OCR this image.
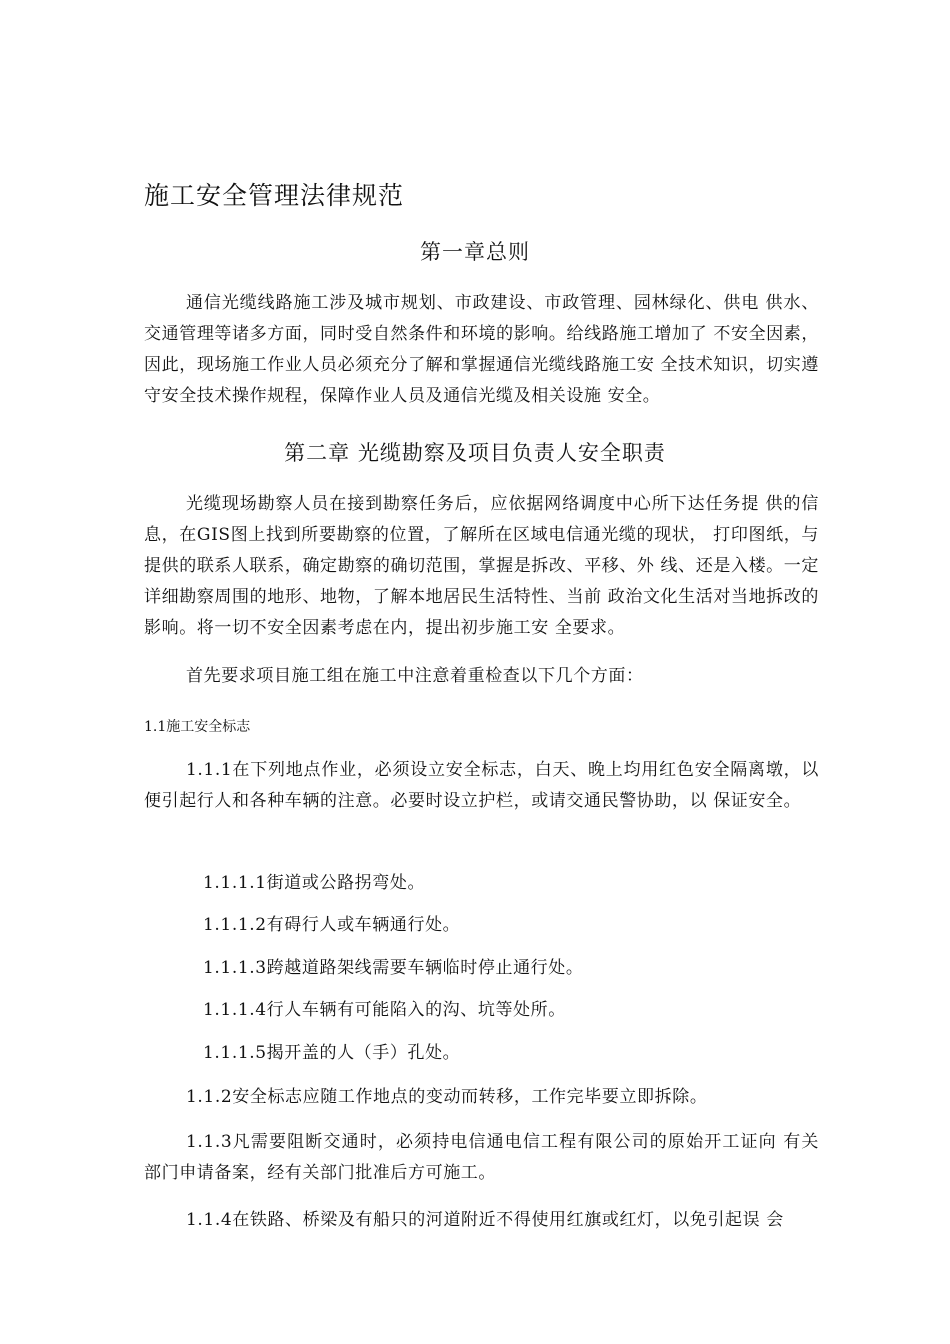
施工安全管理法律规范
第一章总则

通信光缆线路施工涉及城市规划、市政建设、市政管理、园林绿化、供电 供水、交通管理等诸多方面，同时受自然条件和环境的影响。给线路施工增加了 不安全因素，因此，现场施工作业人员必须充分了解和掌握通信光缆线路施工安 全技术知识，切实遵守安全技术操作规程，保障作业人员及通信光缆及相关设施 安全。

第二章 光缆勘察及项目负责人安全职责

光缆现场勘察人员在接到勘察任务后，应依据网络调度中心所下达任务提 供的信息，在GIS图上找到所要勘察的位置，了解所在区域电信通光缆的现状， 打印图纸，与提供的联系人联系，确定勘察的确切范围，掌握是拆改、平移、外 线、还是入楼。一定详细勘察周围的地形、地物，了解本地居民生活特性、当前 政治文化生活对当地拆改的影响。将一切不安全因素考虑在内，提出初步施工安 全要求。

首先要求项目施工组在施工中注意着重检查以下几个方面：

1.1施工安全标志

1.1.1在下列地点作业，必须设立安全标志，白天、晚上均用红色安全隔离墩，以便引起行人和各种车辆的注意。必要时设立护栏，或请交通民警协助，以 保证安全。

1.1.1.1街道或公路拐弯处。

1.1.1.2有碍行人或车辆通行处。

1.1.1.3跨越道路架线需要车辆临时停止通行处。

1.1.1.4行人车辆有可能陷入的沟、坑等处所。

1.1.1.5揭开盖的人（手）孔处。

1.1.2安全标志应随工作地点的变动而转移，工作完毕要立即拆除。

1.1.3凡需要阻断交通时，必须持电信通电信工程有限公司的原始开工证向 有关部门申请备案，经有关部门批准后方可施工。

1.1.4在铁路、桥梁及有船只的河道附近不得使用红旗或红灯，以免引起误 会
